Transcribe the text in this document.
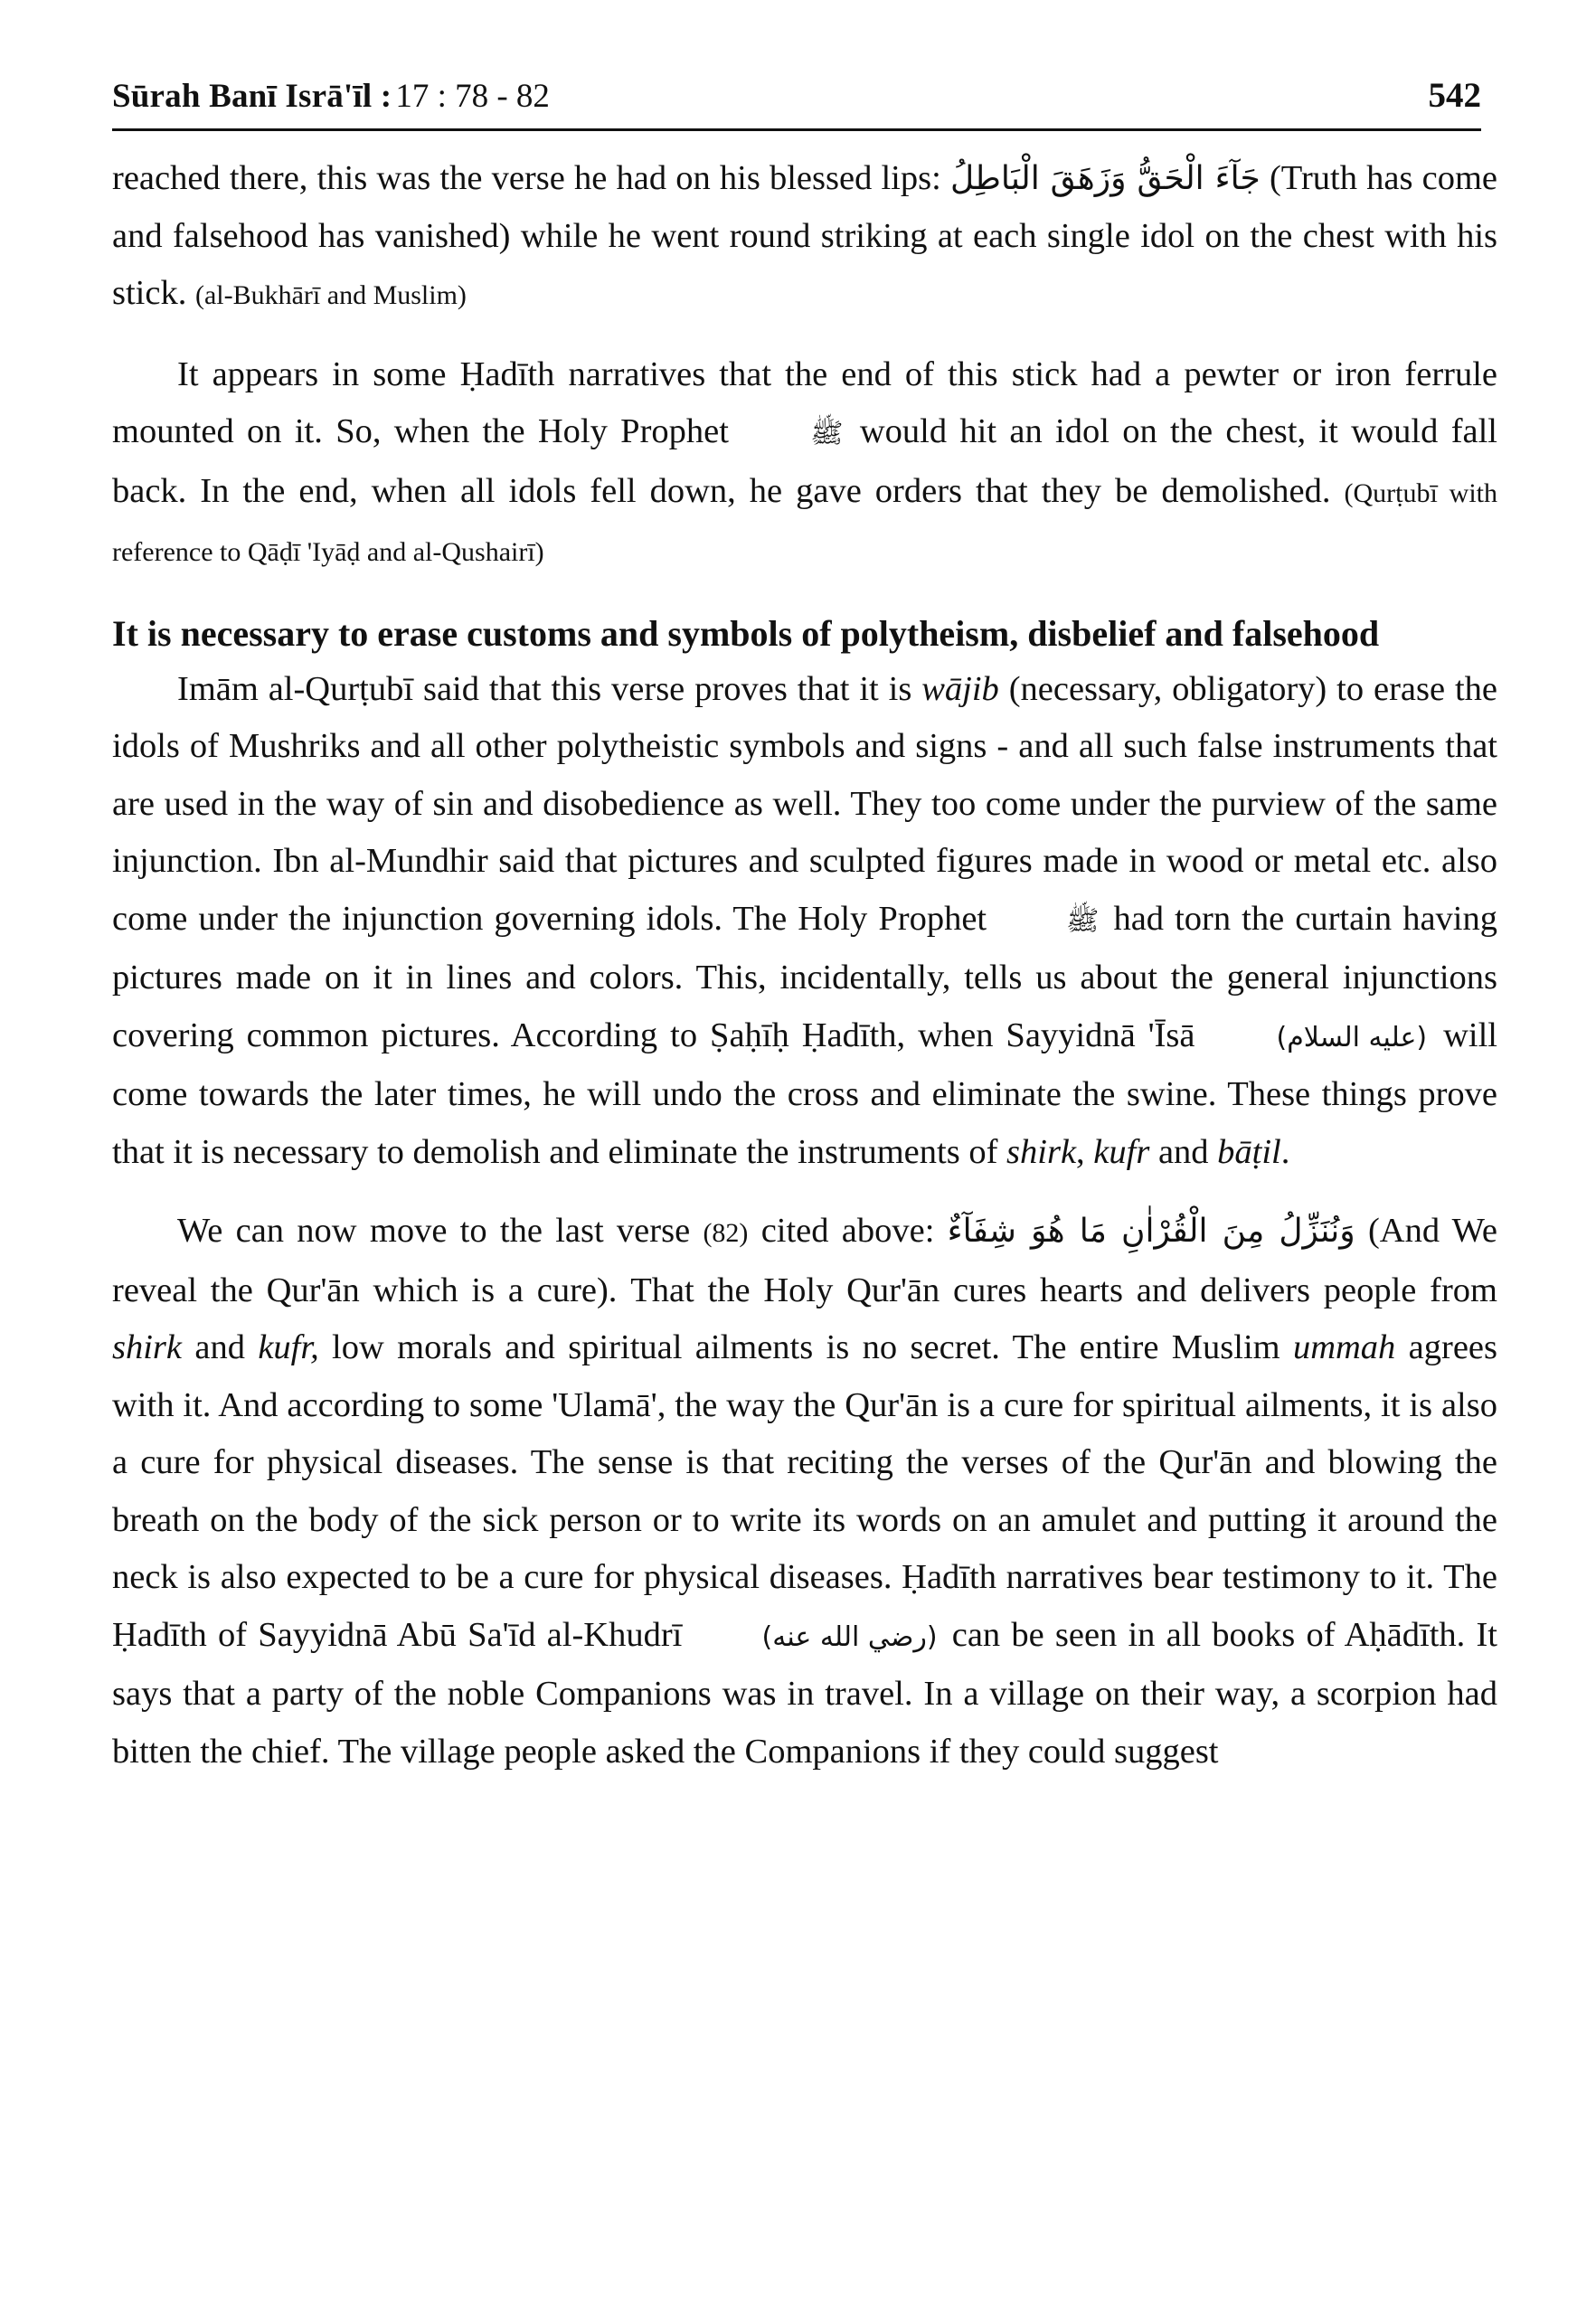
Sūrah Banī Isrā'īl : 17 : 78 - 82	542

reached there, this was the verse he had on his blessed lips: جَآءَ الْحَقُّ وَزَهَقَ الْبَاطِلُ (Truth has come and falsehood has vanished) while he went round striking at each single idol on the chest with his stick. (al-Bukhārī and Muslim)

It appears in some Ḥadīth narratives that the end of this stick had a pewter or iron ferrule mounted on it. So, when the Holy Prophet	ﷺ would hit an idol on the chest, it would fall back. In the end, when all idols fell down, he gave orders that they be demolished. (Qurṭubī with reference to Qāḍī 'Iyāḍ and al-Qushairī)

It is necessary to erase customs and symbols of polytheism, disbelief and falsehood

Imām al-Qurṭubī said that this verse proves that it is wājib (necessary, obligatory) to erase the idols of Mushriks and all other polytheistic symbols and signs - and all such false instruments that are used in the way of sin and disobedience as well. They too come under the purview of the same injunction. Ibn al-Mundhir said that pictures and sculpted figures made in wood or metal etc. also come under the injunction governing idols. The Holy Prophet	ﷺ had torn the curtain having pictures made on it in lines and colors. This, incidentally, tells us about the general injunctions covering common pictures. According to Ṣaḥīḥ Ḥadīth, when Sayyidnā 'Īsā	(عليه السلام) will come towards the later times, he will undo the cross and eliminate the swine. These things prove that it is necessary to demolish and eliminate the instruments of shirk, kufr and bāṭil.

We can now move to the last verse (82) cited above: وَنُنَزِّلُ مِنَ الْقُرْاٰنِ مَا هُوَ شِفَآءٌ (And We reveal the Qur'ān which is a cure). That the Holy Qur'ān cures hearts and delivers people from shirk and kufr, low morals and spiritual ailments is no secret. The entire Muslim ummah agrees with it. And according to some 'Ulamā', the way the Qur'ān is a cure for spiritual ailments, it is also a cure for physical diseases. The sense is that reciting the verses of the Qur'ān and blowing the breath on the body of the sick person or to write its words on an amulet and putting it around the neck is also expected to be a cure for physical diseases. Ḥadīth narratives bear testimony to it. The Ḥadīth of Sayyidnā Abū Sa'īd al-Khudrī	(رضي الله عنه) can be seen in all books of Aḥādīth. It says that a party of the noble Companions was in travel. In a village on their way, a scorpion had bitten the chief. The village people asked the Companions if they could suggest
